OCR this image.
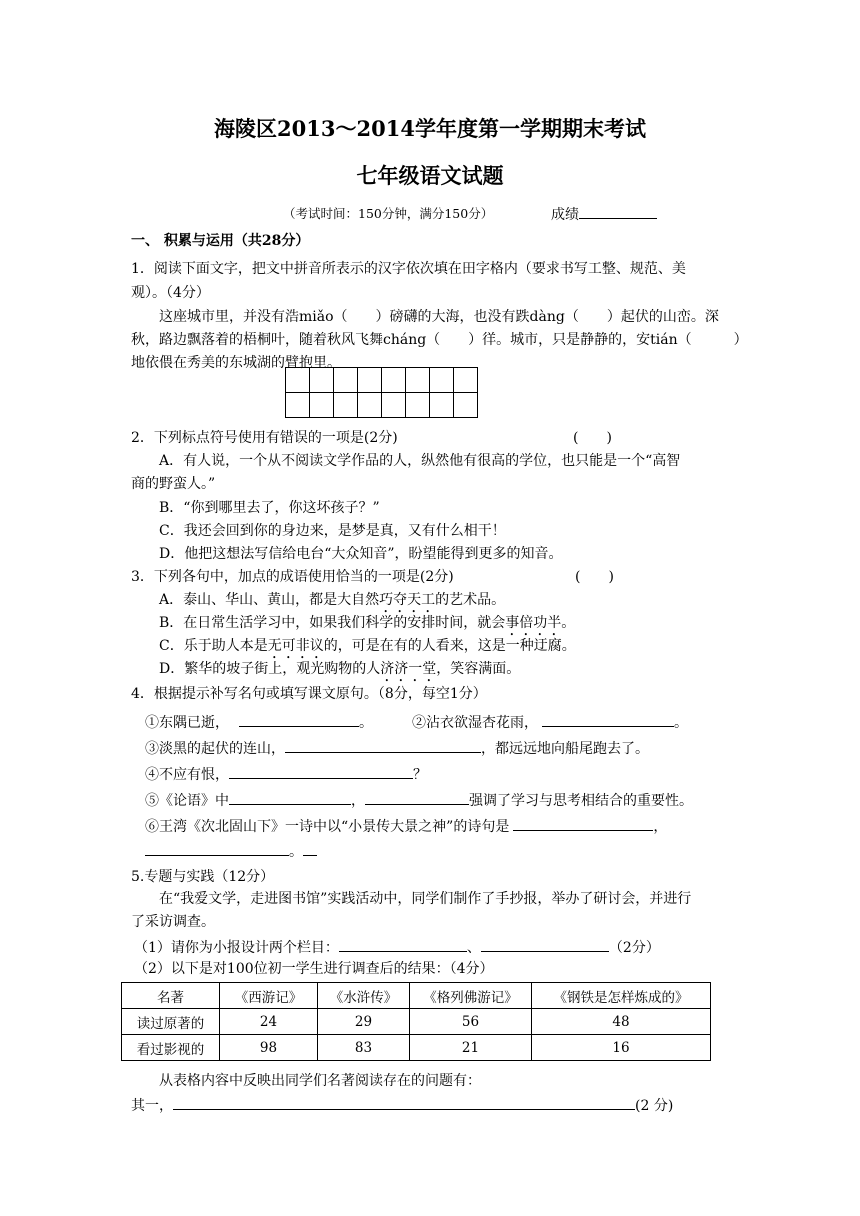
海陵区2013～2014学年度第一学期期末考试
七年级语文试题
（考试时间：150分钟，满分150分）	成绩
一、 积累与运用（共28分）
1．阅读下面文字，把文中拼音所表示的汉字依次填在田字格内（要求书写工整、规范、美
观）。（4分）
这座城市里，并没有浩miǎo（　　）磅礴的大海，也没有跌dàng（　　）起伏的山峦。深
秋，路边飘落着的梧桐叶，随着秋风飞舞cháng（　　）徉。城市，只是静静的，安tián（　　　）
地依偎在秀美的东城湖的臂抱里。

2．下列标点符号使用有错误的一项是(2分)	(　　)
A．有人说，一个从不阅读文学作品的人，纵然他有很高的学位，也只能是一个“高智
商的野蛮人。”
B．“你到哪里去了，你这坏孩子？”
C．我还会回到你的身边来，是梦是真，又有什么相干！
D．他把这想法写信给电台“大众知音”，盼望能得到更多的知音。
3．下列各句中，加点的成语使用恰当的一项是(2分)	(　　)
A．泰山、华山、黄山，都是大自然巧夺天工的艺术品。
B．在日常生活学习中，如果我们科学的安排时间，就会事倍功半。
C．乐于助人本是无可非议的，可是在有的人看来，这是一种迂腐。
D．繁华的坡子街上，观光购物的人济济一堂，笑容满面。
4．根据提示补写名句或填写课文原句。（8分，每空1分）
①东隅已逝，	。	②沾衣欲湿杏花雨，	。
③淡黑的起伏的连山，	，都远远地向船尾跑去了。
④不应有恨，	？
⑤《论语》中	，	强调了学习与思考相结合的重要性。
⑥王湾《次北固山下》一诗中以“小景传大景之神”的诗句是	，
。
5.专题与实践（12分）
在“我爱文学，走进图书馆”实践活动中，同学们制作了手抄报，举办了研讨会，并进行
了采访调查。
（1）请你为小报设计两个栏目：	、	（2分）
（2）以下是对100位初一学生进行调查后的结果：（4分）
名著	《西游记》	《水浒传》	《格列佛游记》	《钢铁是怎样炼成的》
读过原著的	24	29	56	48
看过影视的	98	83	21	16
从表格内容中反映出同学们名著阅读存在的问题有：
其一，	(2 分)
